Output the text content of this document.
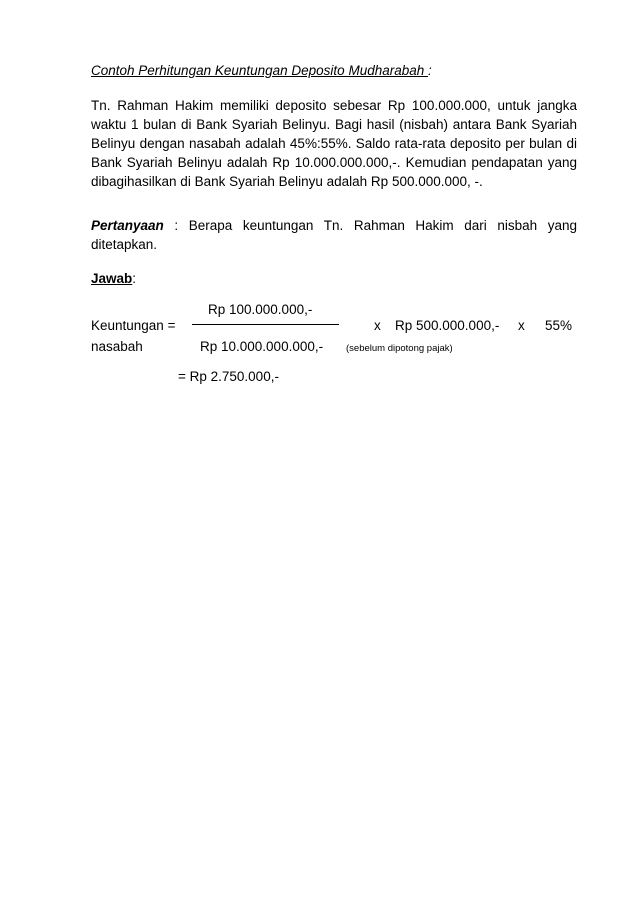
Contoh Perhitungan Keuntungan Deposito Mudharabah :

Tn. Rahman Hakim memiliki deposito sebesar Rp 100.000.000, untuk jangka waktu 1 bulan di Bank Syariah Belinyu. Bagi hasil (nisbah) antara Bank Syariah Belinyu dengan nasabah adalah 45%:55%. Saldo rata-rata deposito per bulan di Bank Syariah Belinyu adalah Rp 10.000.000.000,-. Kemudian pendapatan yang dibagihasilkan di Bank Syariah Belinyu adalah Rp 500.000.000, -.

Pertanyaan : Berapa keuntungan Tn. Rahman Hakim dari nisbah yang ditetapkan.

Jawab:
Rp 100.000.000,-
Keuntungan =	x Rp 500.000.000,- x 55%
nasabah	Rp 10.000.000.000,- (sebelum dipotong pajak)
= Rp 2.750.000,-
